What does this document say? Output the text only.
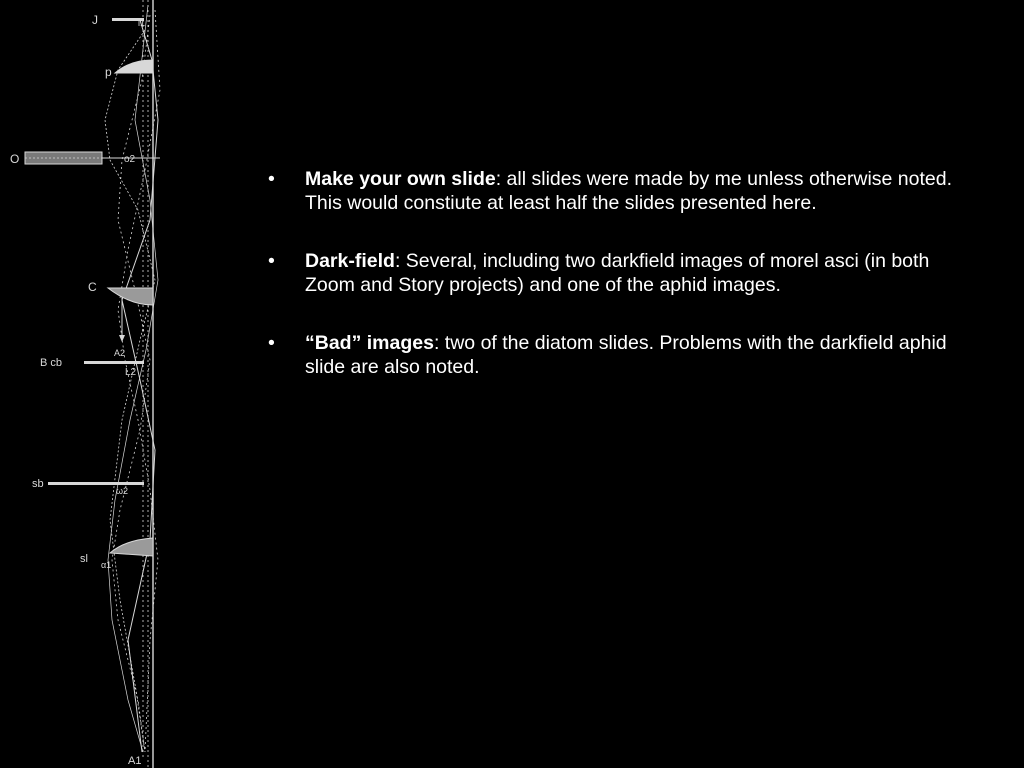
J	l1
p
O	o2
C
A2
B cb
L2
sb
ω2
sl α1
A1
• Make your own slide: all slides were made by me unless otherwise noted. This would constiute at least half the slides presented here.
• Dark-field: Several, including two darkfield images of morel asci (in both Zoom and Story projects) and one of the aphid images.
• “Bad” images: two of the diatom slides. Problems with the darkfield aphid slide are also noted.
